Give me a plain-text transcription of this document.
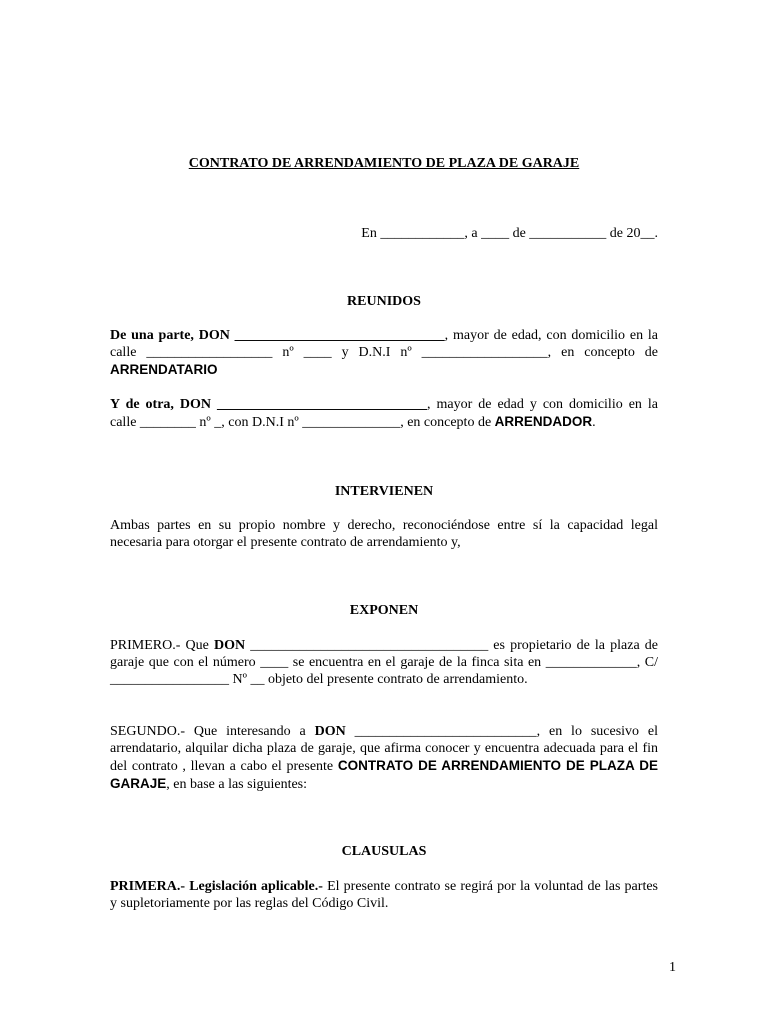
CONTRATO DE ARRENDAMIENTO DE PLAZA DE GARAJE
En ____________, a ____ de ___________ de 20__.
REUNIDOS
De una parte, DON ______________________________, mayor de edad, con domicilio en la calle __________________ nº ____ y D.N.I nº __________________, en concepto de ARRENDATARIO
Y de otra, DON ______________________________, mayor de edad y con domicilio en la calle ________ nº _, con D.N.I nº ______________, en concepto de ARRENDADOR.
INTERVIENEN
Ambas partes en su propio nombre y derecho, reconociéndose entre sí la capacidad legal necesaria para otorgar el presente contrato de arrendamiento y,
EXPONEN
PRIMERO.- Que DON __________________________________ es propietario de la plaza de garaje que con el número ____ se encuentra en el garaje de la finca sita en _____________, C/ _________________ Nº __ objeto del presente contrato de arrendamiento.
SEGUNDO.- Que interesando a DON __________________________, en lo sucesivo el arrendatario, alquilar dicha plaza de garaje, que afirma conocer y encuentra adecuada para el fin del contrato , llevan a cabo el presente CONTRATO DE ARRENDAMIENTO DE PLAZA DE GARAJE, en base a las siguientes:
CLAUSULAS
PRIMERA.- Legislación aplicable.- El presente contrato se regirá por la voluntad de las partes y supletoriamente por las reglas del Código Civil.
1
